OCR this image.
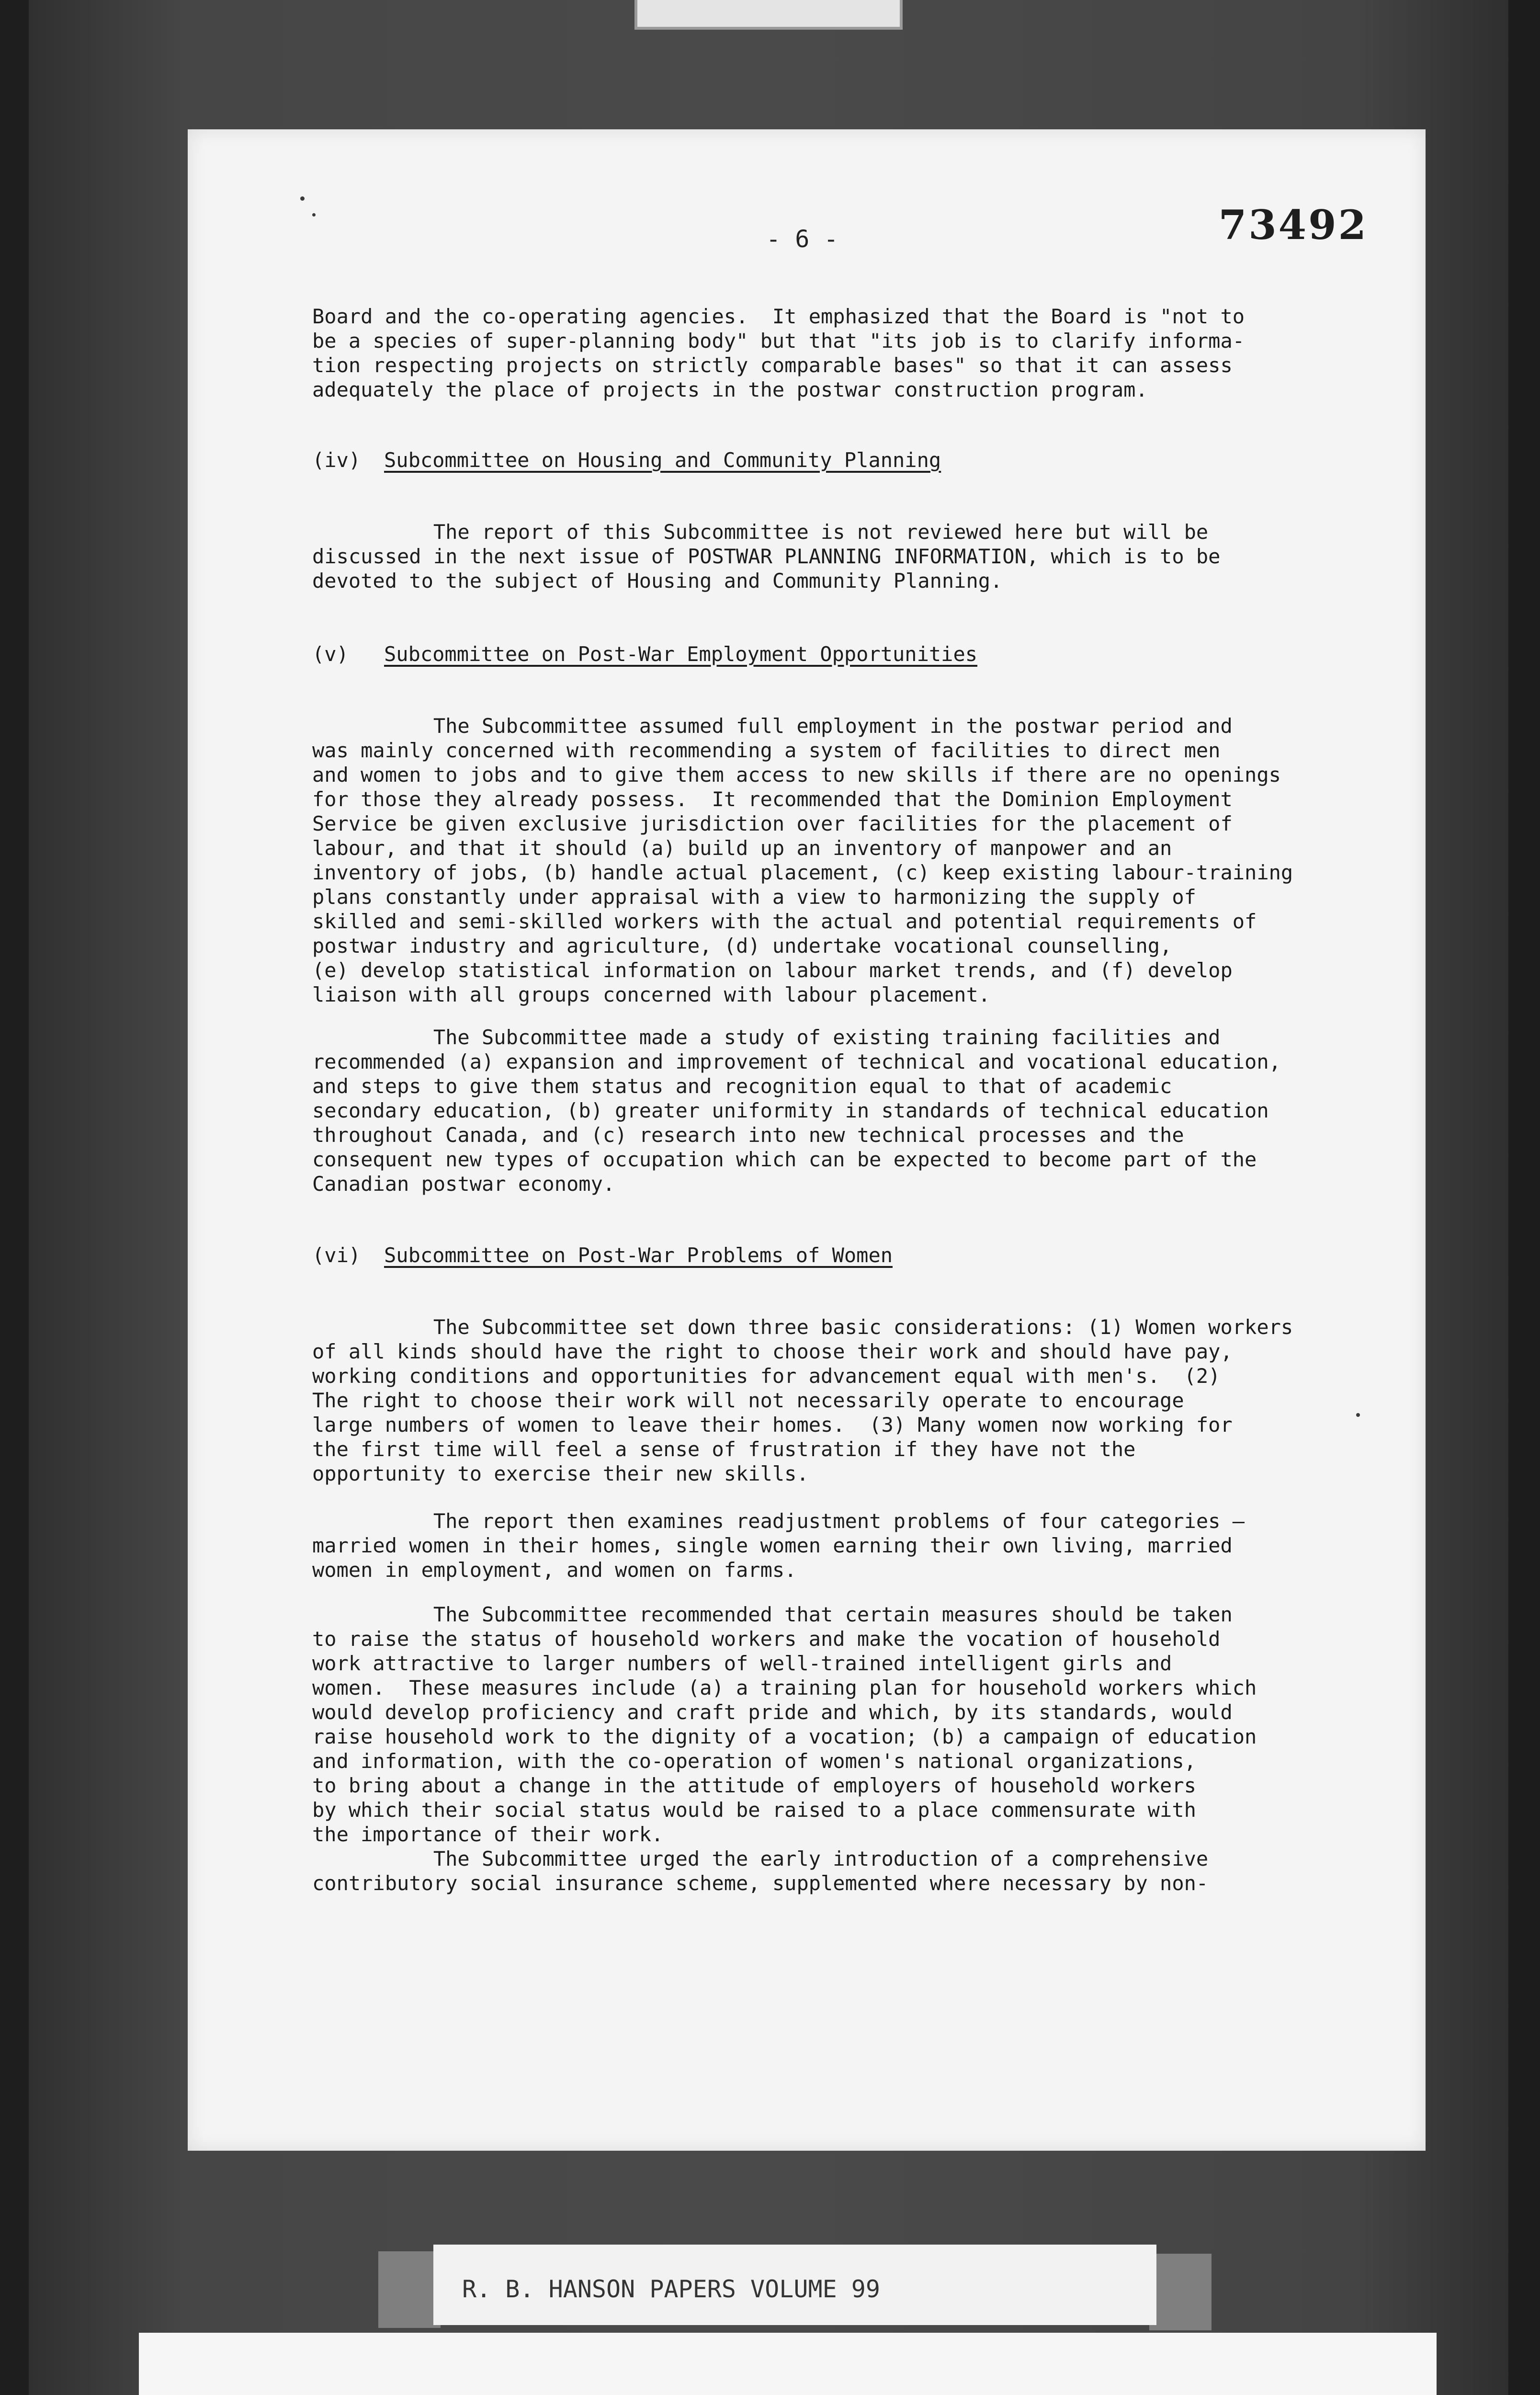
73492
- 6 -
Board and the co-operating agencies.  It emphasized that the Board is "not to
be a species of super-planning body" but that "its job is to clarify informa-
tion respecting projects on strictly comparable bases" so that it can assess
adequately the place of projects in the postwar construction program.
(iv) Subcommittee on Housing and Community Planning
The report of this Subcommittee is not reviewed here but will be
discussed in the next issue of POSTWAR PLANNING INFORMATION, which is to be
devoted to the subject of Housing and Community Planning.
(v) Subcommittee on Post-War Employment Opportunities
The Subcommittee assumed full employment in the postwar period and
was mainly concerned with recommending a system of facilities to direct men
and women to jobs and to give them access to new skills if there are no openings
for those they already possess.  It recommended that the Dominion Employment
Service be given exclusive jurisdiction over facilities for the placement of
labour, and that it should (a) build up an inventory of manpower and an
inventory of jobs, (b) handle actual placement, (c) keep existing labour-training
plans constantly under appraisal with a view to harmonizing the supply of
skilled and semi-skilled workers with the actual and potential requirements of
postwar industry and agriculture, (d) undertake vocational counselling,
(e) develop statistical information on labour market trends, and (f) develop
liaison with all groups concerned with labour placement.
The Subcommittee made a study of existing training facilities and
recommended (a) expansion and improvement of technical and vocational education,
and steps to give them status and recognition equal to that of academic
secondary education, (b) greater uniformity in standards of technical education
throughout Canada, and (c) research into new technical processes and the
consequent new types of occupation which can be expected to become part of the
Canadian postwar economy.
(vi) Subcommittee on Post-War Problems of Women
The Subcommittee set down three basic considerations: (1) Women workers
of all kinds should have the right to choose their work and should have pay,
working conditions and opportunities for advancement equal with men's.  (2)
The right to choose their work will not necessarily operate to encourage
large numbers of women to leave their homes.  (3) Many women now working for
the first time will feel a sense of frustration if they have not the
opportunity to exercise their new skills.
The report then examines readjustment problems of four categories —
married women in their homes, single women earning their own living, married
women in employment, and women on farms.
The Subcommittee recommended that certain measures should be taken
to raise the status of household workers and make the vocation of household
work attractive to larger numbers of well-trained intelligent girls and
women.  These measures include (a) a training plan for household workers which
would develop proficiency and craft pride and which, by its standards, would
raise household work to the dignity of a vocation; (b) a campaign of education
and information, with the co-operation of women's national organizations,
to bring about a change in the attitude of employers of household workers
by which their social status would be raised to a place commensurate with
the importance of their work.
The Subcommittee urged the early introduction of a comprehensive
contributory social insurance scheme, supplemented where necessary by non-
R. B. HANSON PAPERS VOLUME 99
